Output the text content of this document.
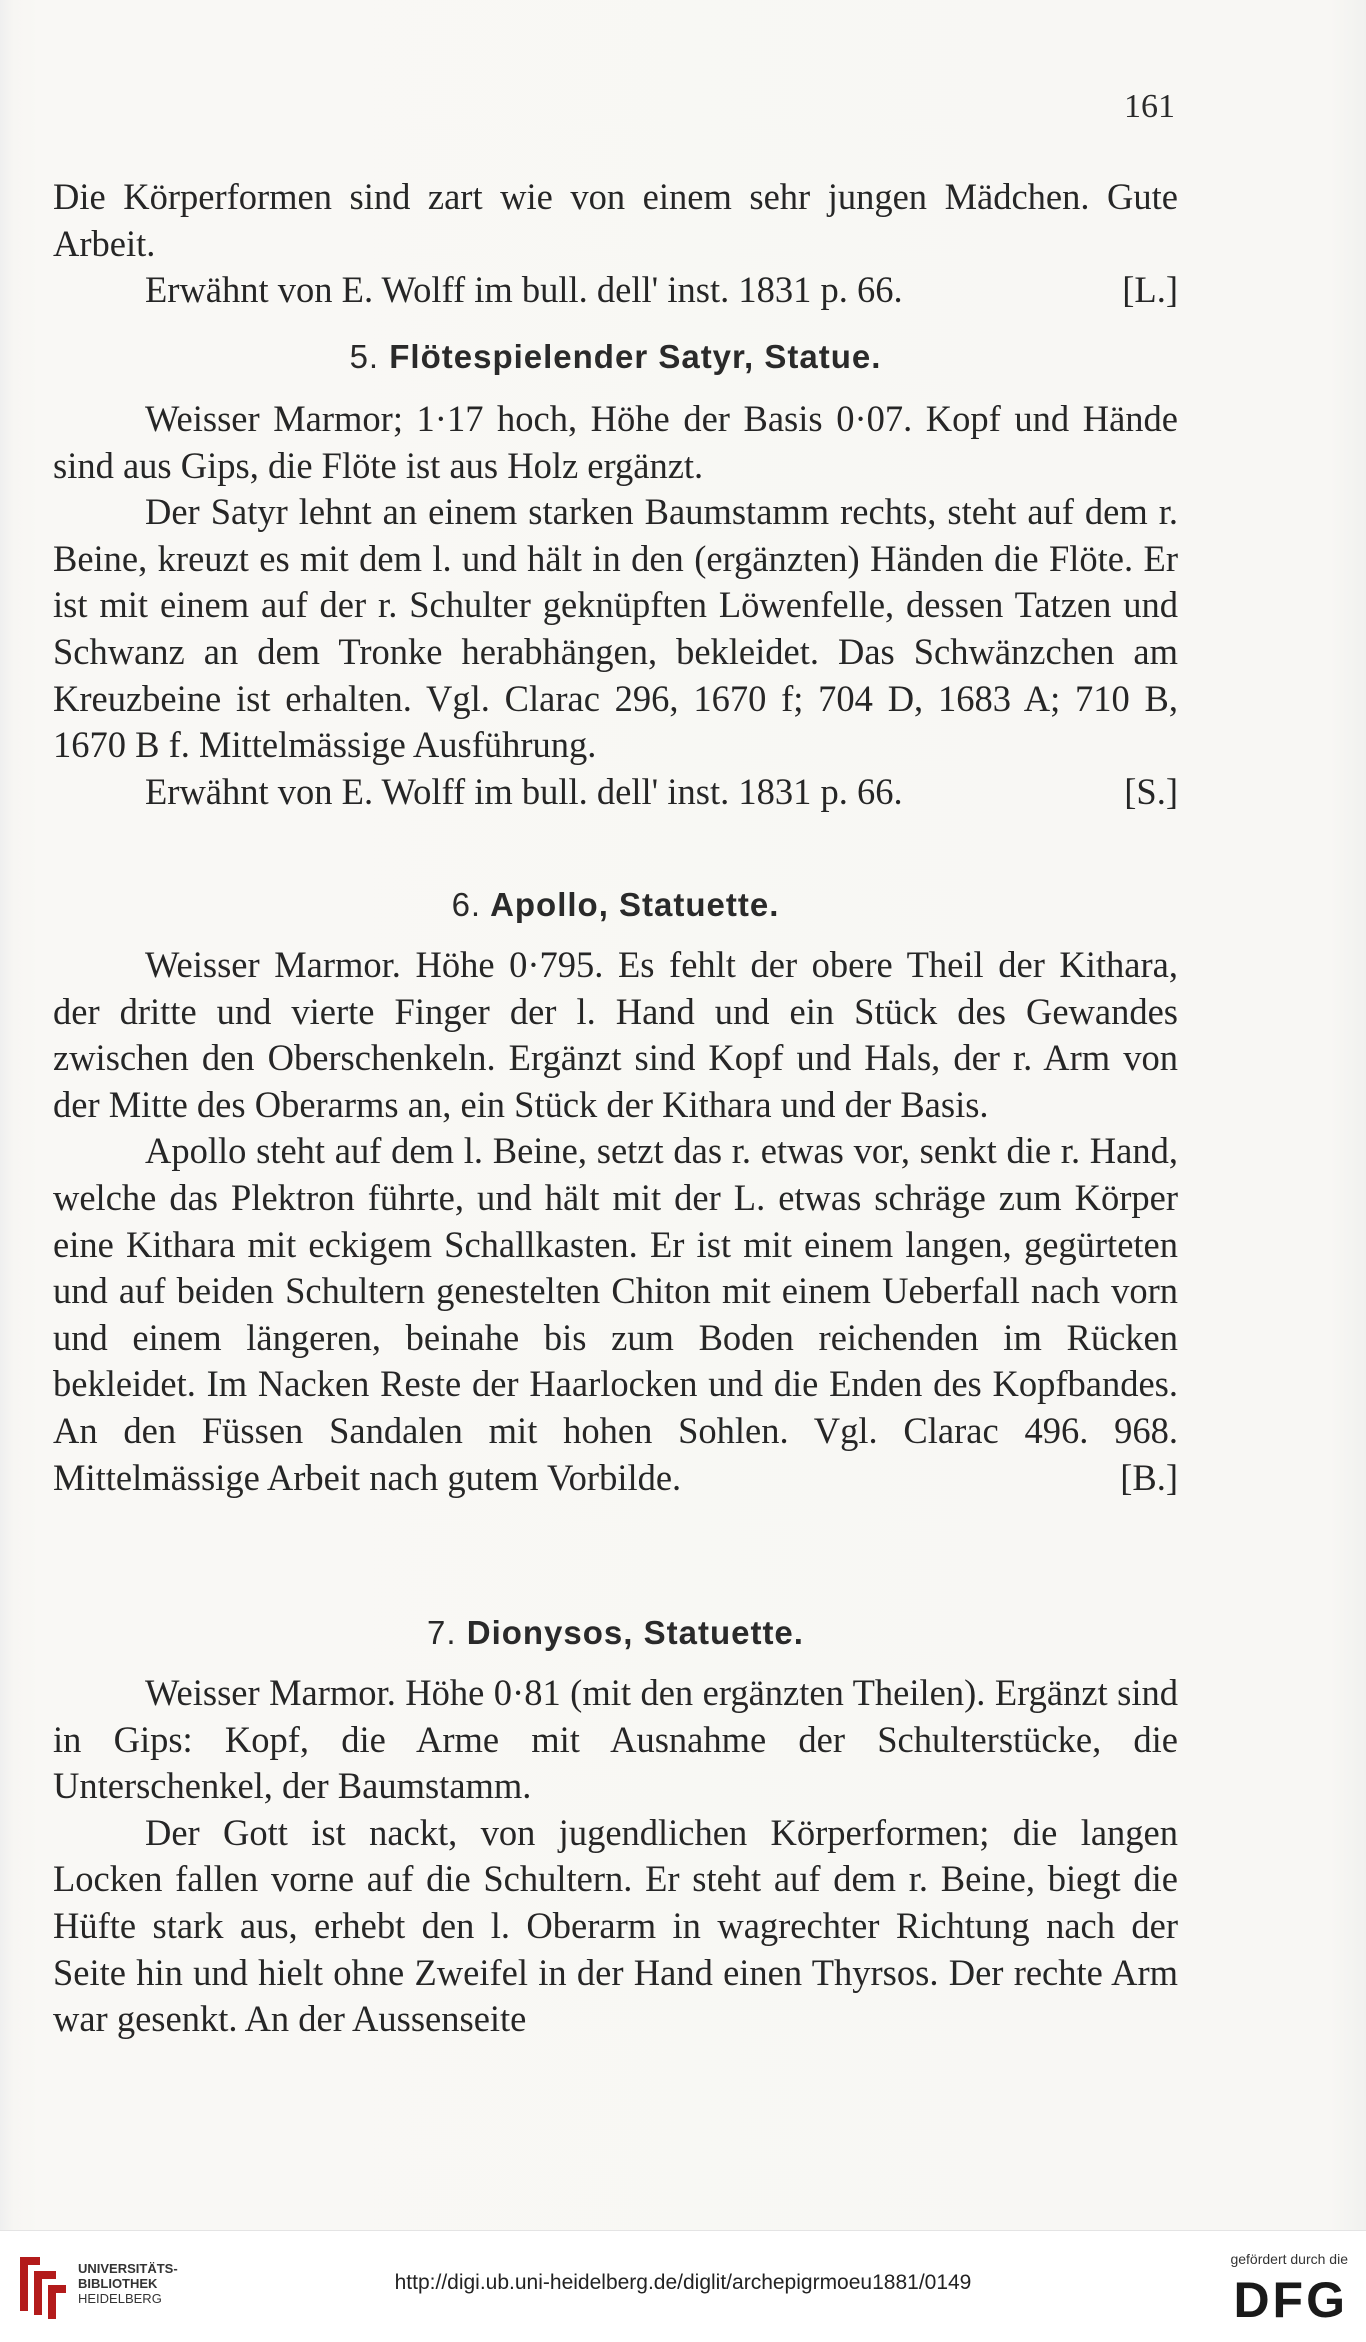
161

Die Körperformen sind zart wie von einem sehr jungen Mädchen. Gute Arbeit.

Erwähnt von E. Wolff im bull. dell' inst. 1831 p. 66.	[L.]

5. Flötespielender Satyr, Statue.

Weisser Marmor; 1·17 hoch, Höhe der Basis 0·07. Kopf und Hände sind aus Gips, die Flöte ist aus Holz ergänzt.

Der Satyr lehnt an einem starken Baumstamm rechts, steht auf dem r. Beine, kreuzt es mit dem l. und hält in den (ergänzten) Händen die Flöte. Er ist mit einem auf der r. Schulter geknüpften Löwenfelle, dessen Tatzen und Schwanz an dem Tronke herabhängen, bekleidet. Das Schwänzchen am Kreuzbeine ist erhalten. Vgl. Clarac 296, 1670 f; 704 D, 1683 A; 710 B, 1670 B f. Mittelmässige Ausführung.

Erwähnt von E. Wolff im bull. dell' inst. 1831 p. 66.	[S.]

6. Apollo, Statuette.

Weisser Marmor. Höhe 0·795. Es fehlt der obere Theil der Kithara, der dritte und vierte Finger der l. Hand und ein Stück des Gewandes zwischen den Oberschenkeln. Ergänzt sind Kopf und Hals, der r. Arm von der Mitte des Oberarms an, ein Stück der Kithara und der Basis.

Apollo steht auf dem l. Beine, setzt das r. etwas vor, senkt die r. Hand, welche das Plektron führte, und hält mit der L. etwas schräge zum Körper eine Kithara mit eckigem Schallkasten. Er ist mit einem langen, gegürteten und auf beiden Schultern genestelten Chiton mit einem Ueberfall nach vorn und einem längeren, beinahe bis zum Boden reichenden im Rücken bekleidet. Im Nacken Reste der Haarlocken und die Enden des Kopfbandes. An den Füssen Sandalen mit hohen Sohlen. Vgl. Clarac 496. 968. Mittelmässige Arbeit nach gutem Vorbilde.	[B.]

7. Dionysos, Statuette.

Weisser Marmor. Höhe 0·81 (mit den ergänzten Theilen). Ergänzt sind in Gips: Kopf, die Arme mit Ausnahme der Schulterstücke, die Unterschenkel, der Baumstamm.

Der Gott ist nackt, von jugendlichen Körperformen; die langen Locken fallen vorne auf die Schultern. Er steht auf dem r. Beine, biegt die Hüfte stark aus, erhebt den l. Oberarm in wagrechter Richtung nach der Seite hin und hielt ohne Zweifel in der Hand einen Thyrsos. Der rechte Arm war gesenkt. An der Aussenseite

UNIVERSITÄTS-
BIBLIOTHEK
HEIDELBERG
http://digi.ub.uni-heidelberg.de/diglit/archepigrmoeu1881/0149
gefördert durch die
DFG
